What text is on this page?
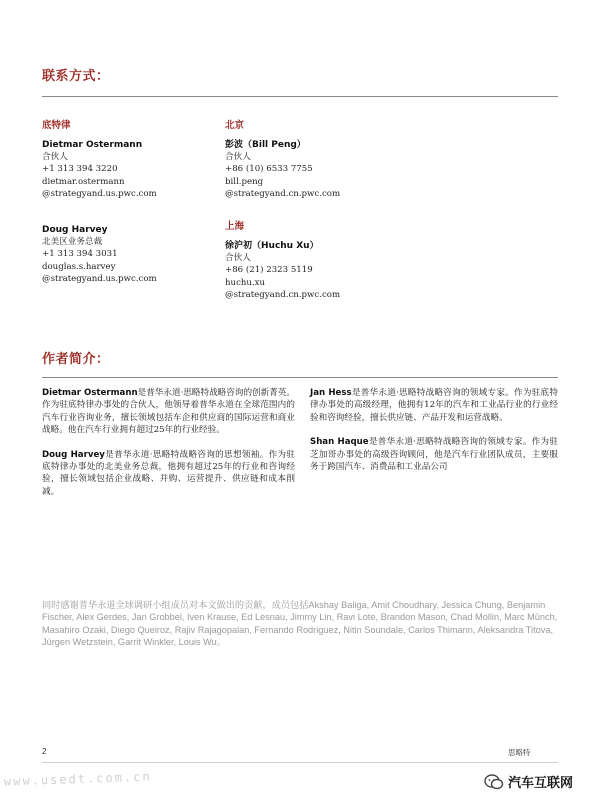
联系方式：
底特律
Dietmar Ostermann
合伙人
+1 313 394 3220
dietmar.ostermann
@strategyand.us.pwc.com
Doug Harvey
北美区业务总裁
+1 313 394 3031
douglas.s.harvey
@strategyand.us.pwc.com
北京
彭波（Bill Peng）
合伙人
+86 (10) 6533 7755
bill.peng
@strategyand.cn.pwc.com
上海
徐沪初（Huchu Xu）
合伙人
+86 (21) 2323 5119
huchu.xu
@strategyand.cn.pwc.com
作者简介：

Dietmar Ostermann是普华永道·思略特战略咨询的创新菁英。作为驻底特律办事处的合伙人，他领导着普华永道在全球范围内的汽车行业咨询业务，擅长领域包括车企和供应商的国际运营和商业战略。他在汽车行业拥有超过25年的行业经验。

Doug Harvey是普华永道·思略特战略咨询的思想领袖。作为驻底特律办事处的北美业务总裁，他拥有超过25年的行业和咨询经验，擅长领域包括企业战略、并购、运营提升、供应链和成本削减。

Jan Hess是普华永道·思略特战略咨询的领域专家。作为驻底特律办事处的高级经理，他拥有12年的汽车和工业品行业的行业经验和咨询经验，擅长供应链、产品开发和运营战略。

Shan Haque是普华永道·思略特战略咨询的领域专家。作为驻芝加哥办事处的高级咨询顾问，他是汽车行业团队成员，主要服务于跨国汽车、消费品和工业品公司

同时感谢普华永道全球调研小组成员对本文做出的贡献，成员包括Akshay Baliga, Amit Choudhary, Jessica Chung, Benjamin Fischer, Alex Gerdes, Jan Grobbel, Iven Krause, Ed Lesnau, Jimmy Lin, Ravi Lote, Brandon Mason, Chad Mollin, Marc Münch, Masahiro Ozaki, Diego Queiroz, Rajiv Rajagopalan, Fernando Rodriguez, Nitin Soundale, Carlos Thimann, Aleksandra Titova, Jürgen Wetzstein, Garrit Winkler, Louis Wu。
2	思略特
www.usedt.com.cn	汽车互联网
